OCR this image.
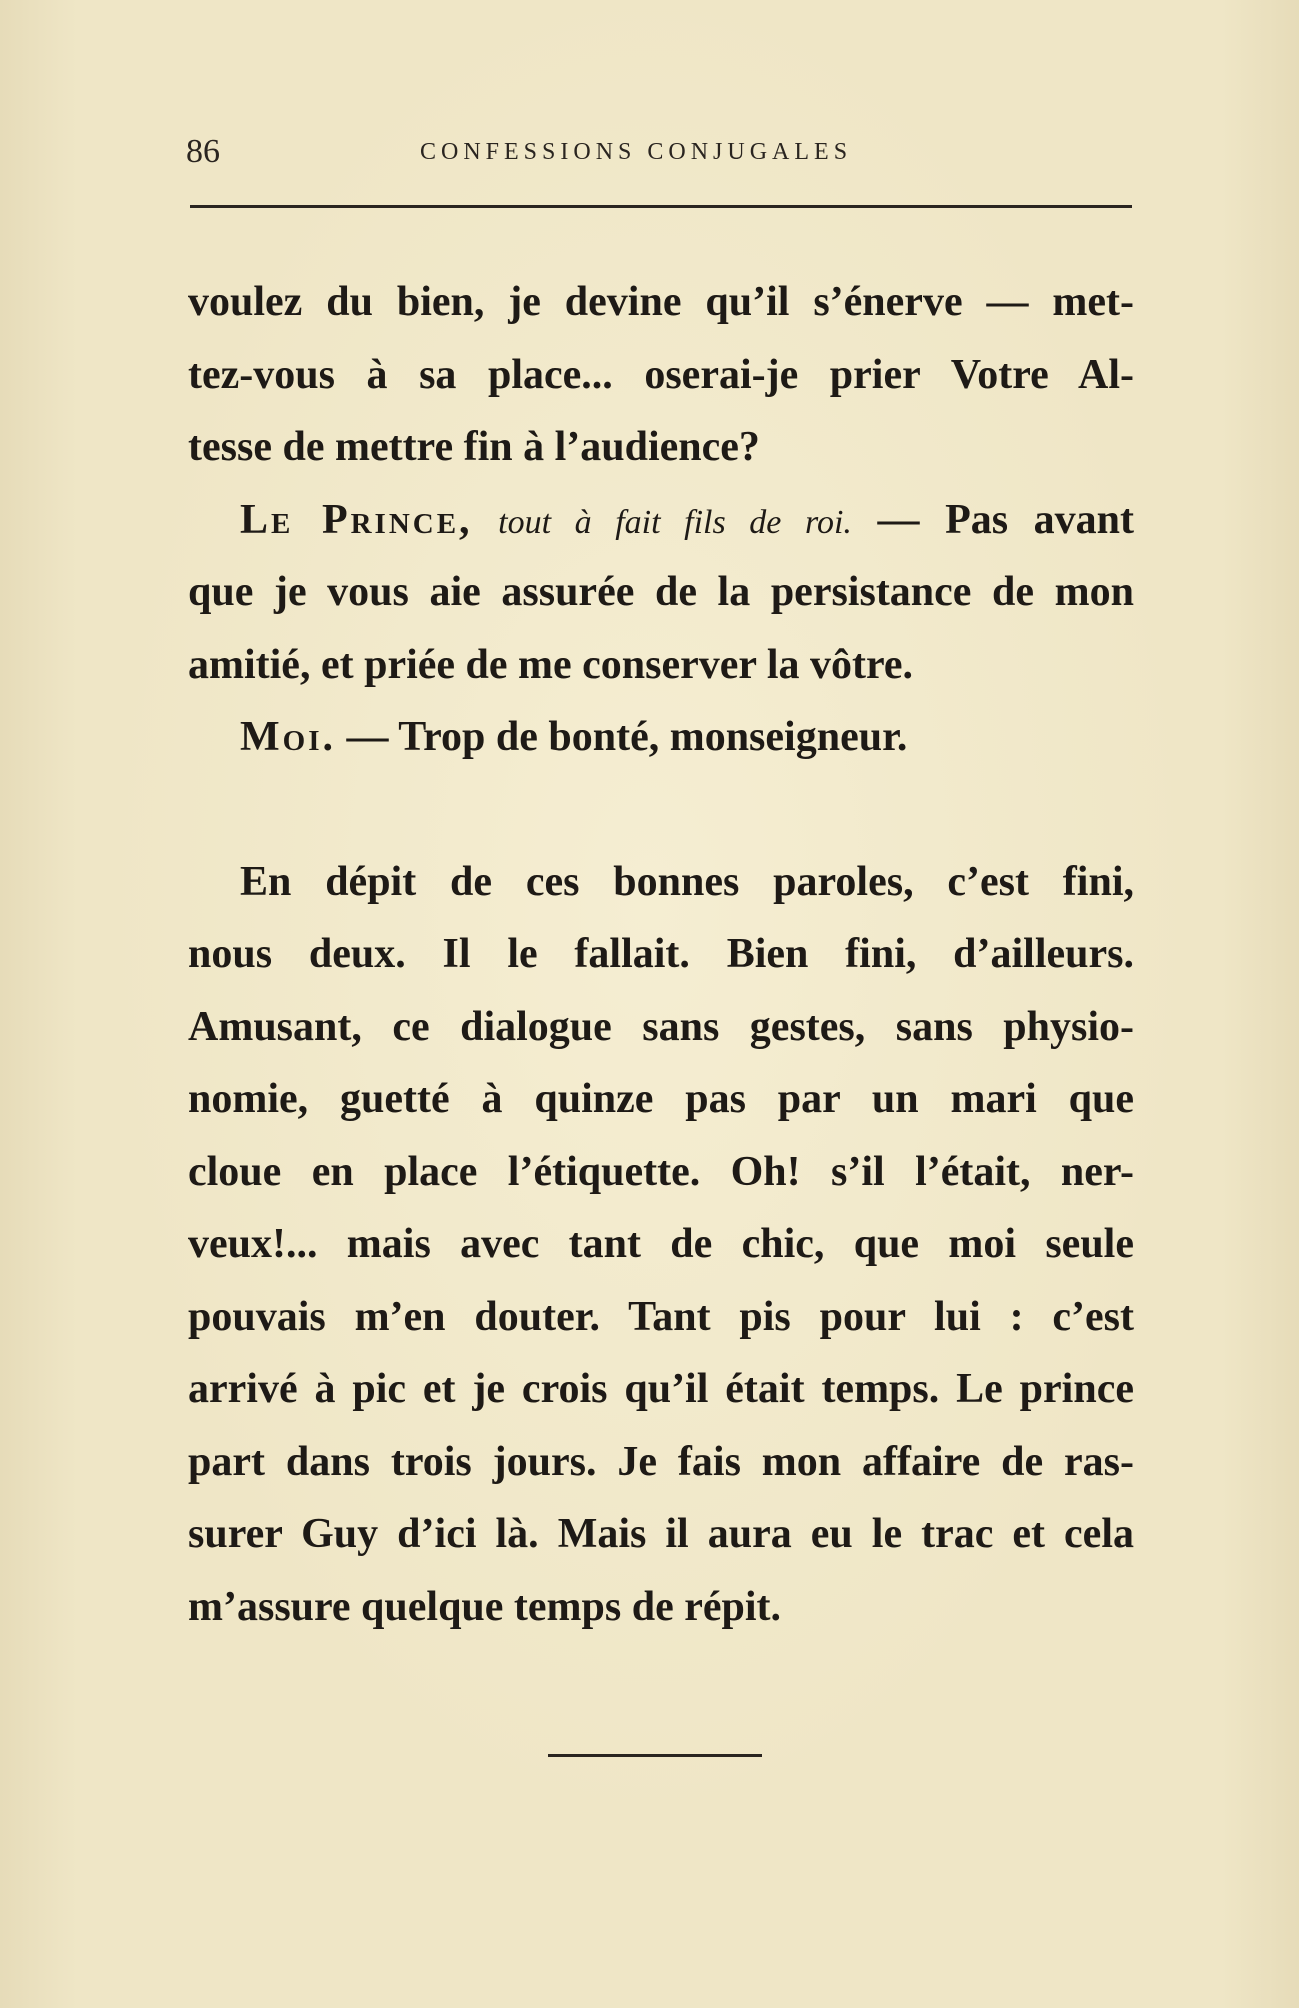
86	CONFESSIONS CONJUGALES
voulez du bien, je devine qu’il s’énerve — met-
tez-vous à sa place... oserai-je prier Votre Al-
tesse de mettre fin à l’audience?
Le Prince, tout à fait fils de roi. — Pas avant
que je vous aie assurée de la persistance de mon
amitié, et priée de me conserver la vôtre.
Moi. — Trop de bonté, monseigneur.
En dépit de ces bonnes paroles, c’est fini,
nous deux. Il le fallait. Bien fini, d’ailleurs.
Amusant, ce dialogue sans gestes, sans physio-
nomie, guetté à quinze pas par un mari que
cloue en place l’étiquette. Oh! s’il l’était, ner-
veux!... mais avec tant de chic, que moi seule
pouvais m’en douter. Tant pis pour lui : c’est
arrivé à pic et je crois qu’il était temps. Le prince
part dans trois jours. Je fais mon affaire de ras-
surer Guy d’ici là. Mais il aura eu le trac et cela
m’assure quelque temps de répit.
